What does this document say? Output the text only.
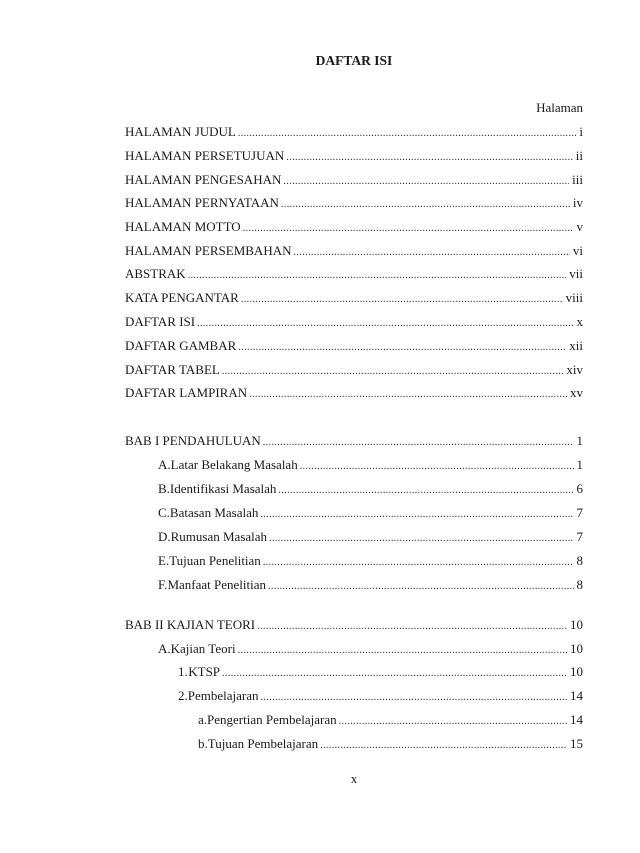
DAFTAR ISI
Halaman
HALAMAN JUDUL .....	i
HALAMAN PERSETUJUAN .....	ii
HALAMAN PENGESAHAN .....	iii
HALAMAN PERNYATAAN .....	iv
HALAMAN MOTTO .....	v
HALAMAN PERSEMBAHAN .....	vi
ABSTRAK .....	vii
KATA PENGANTAR .....	viii
DAFTAR ISI .....	x
DAFTAR GAMBAR .....	xii
DAFTAR TABEL .....	xiv
DAFTAR LAMPIRAN .....	xv
BAB I PENDAHULUAN .....	1
A. Latar Belakang Masalah .....	1
B. Identifikasi Masalah .....	6
C. Batasan Masalah .....	7
D. Rumusan Masalah .....	7
E. Tujuan Penelitian .....	8
F. Manfaat Penelitian .....	8
BAB II KAJIAN TEORI .....	10
A. Kajian Teori .....	10
1. KTSP .....	10
2. Pembelajaran .....	14
a. Pengertian Pembelajaran .....	14
b. Tujuan Pembelajaran .....	15
x
